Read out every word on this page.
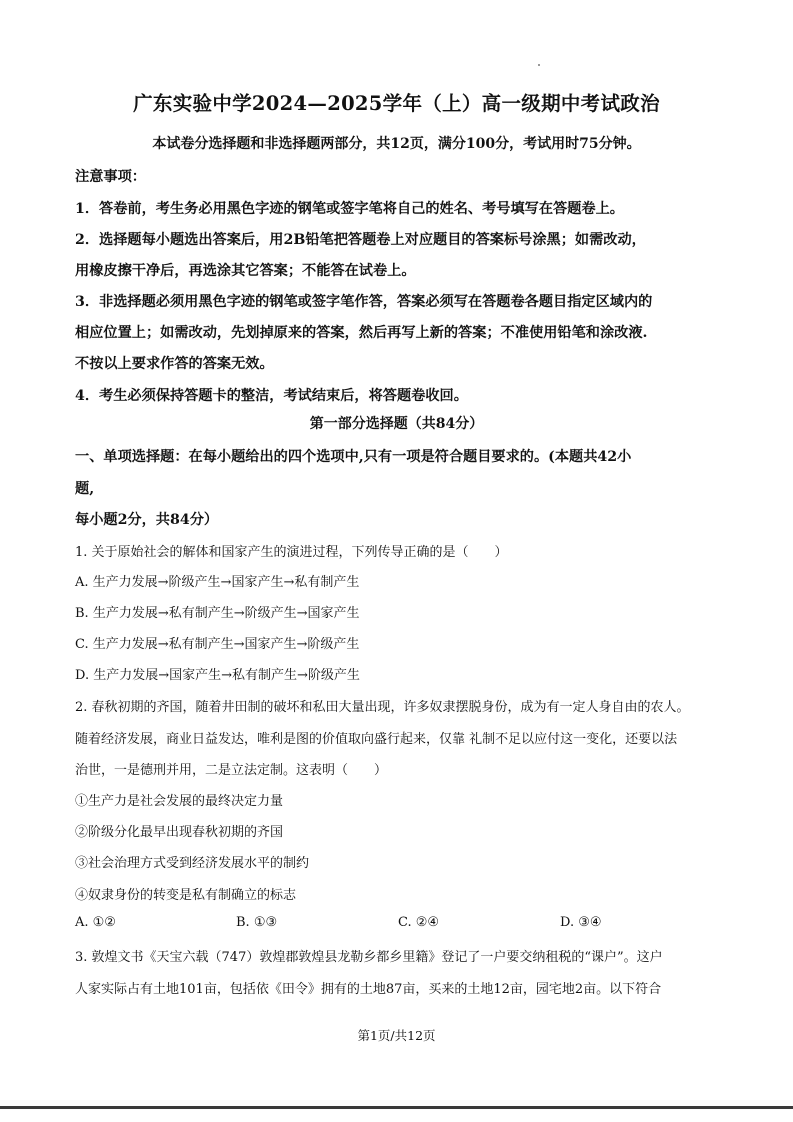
广东实验中学2024—2025学年（上）高一级期中考试政治
本试卷分选择题和非选择题两部分，共12页，满分100分，考试用时75分钟。
注意事项：
1．答卷前，考生务必用黑色字迹的钢笔或签字笔将自己的姓名、考号填写在答题卷上。
2．选择题每小题选出答案后，用2B铅笔把答题卷上对应题目的答案标号涂黑；如需改动，
用橡皮擦干净后，再选涂其它答案；不能答在试卷上。
3．非选择题必须用黑色字迹的钢笔或签字笔作答，答案必须写在答题卷各题目指定区域内的
相应位置上；如需改动，先划掉原来的答案，然后再写上新的答案；不准使用铅笔和涂改液.
不按以上要求作答的答案无效。
4．考生必须保持答题卡的整洁，考试结束后，将答题卷收回。
第一部分选择题（共84分）
一、单项选择题：在每小题给出的四个选项中,只有一项是符合题目要求的。(本题共42小
题,
每小题2分，共84分）
1. 关于原始社会的解体和国家产生的演进过程，下列传导正确的是（　　）
A. 生产力发展→阶级产生→国家产生→私有制产生
B. 生产力发展→私有制产生→阶级产生→国家产生
C. 生产力发展→私有制产生→国家产生→阶级产生
D. 生产力发展→国家产生→私有制产生→阶级产生
2. 春秋初期的齐国，随着井田制的破坏和私田大量出现，许多奴隶摆脱身份，成为有一定人身自由的农人。
随着经济发展，商业日益发达，唯利是图的价值取向盛行起来，仅靠 礼制不足以应付这一变化，还要以法
治世，一是德刑并用，二是立法定制。这表明（　　）
①生产力是社会发展的最终决定力量
②阶级分化最早出现春秋初期的齐国
③社会治理方式受到经济发展水平的制约
④奴隶身份的转变是私有制确立的标志
A. ①②	B. ①③	C. ②④	D. ③④
3. 敦煌文书《天宝六载（747）敦煌郡敦煌县龙勒乡都乡里籍》登记了一户要交纳租税的“课户”。这户
人家实际占有土地101亩，包括依《田令》拥有的土地87亩，买来的土地12亩，园宅地2亩。以下符合
第1页/共12页
